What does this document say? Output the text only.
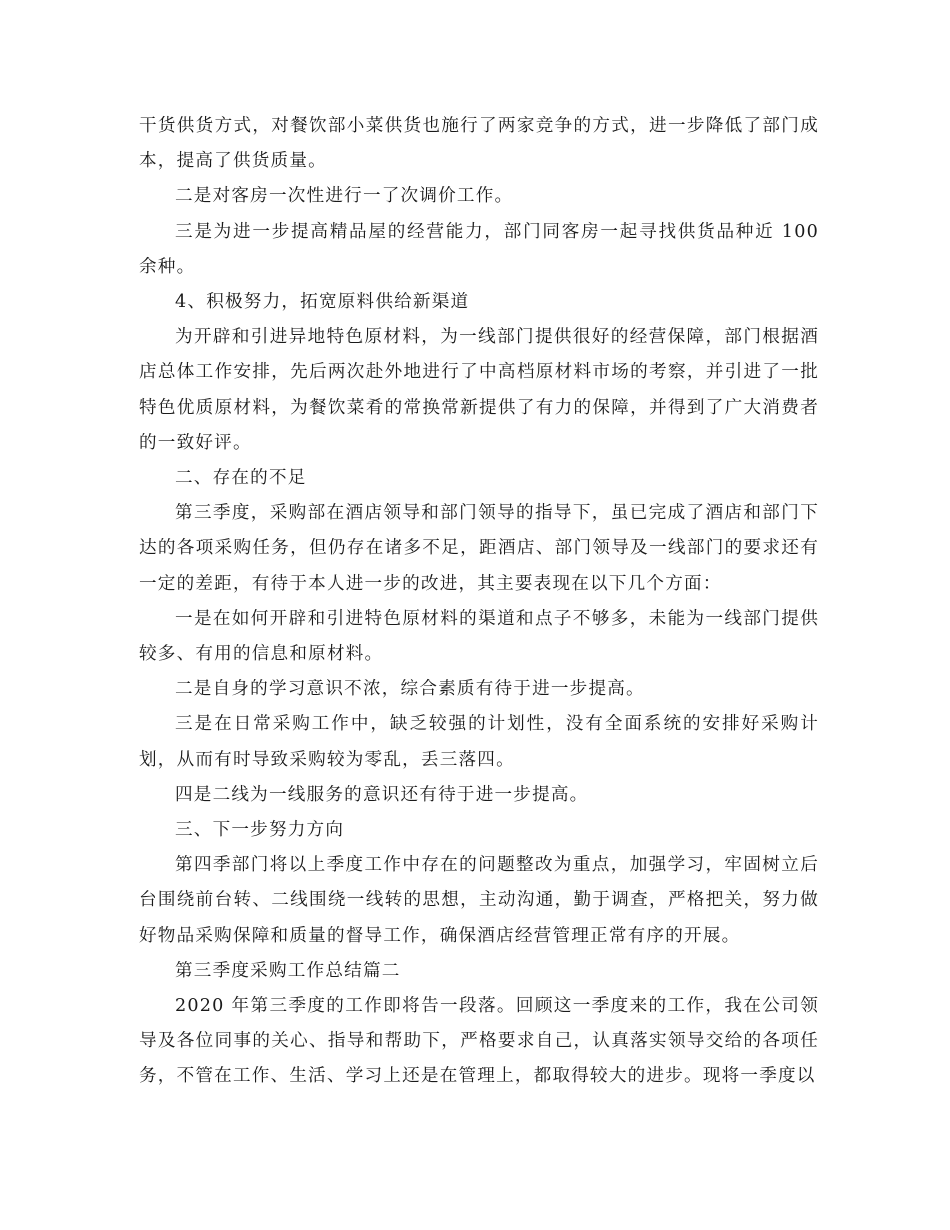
干货供货方式，对餐饮部小菜供货也施行了两家竞争的方式，进一步降低了部门成本，提高了供货质量。

二是对客房一次性进行一了次调价工作。

三是为进一步提高精品屋的经营能力，部门同客房一起寻找供货品种近 100 余种。

4、积极努力，拓宽原料供给新渠道

为开辟和引进异地特色原材料，为一线部门提供很好的经营保障，部门根据酒店总体工作安排，先后两次赴外地进行了中高档原材料市场的考察，并引进了一批特色优质原材料，为餐饮菜肴的常换常新提供了有力的保障，并得到了广大消费者的一致好评。

二、存在的不足

第三季度，采购部在酒店领导和部门领导的指导下，虽已完成了酒店和部门下达的各项采购任务，但仍存在诸多不足，距酒店、部门领导及一线部门的要求还有一定的差距，有待于本人进一步的改进，其主要表现在以下几个方面：

一是在如何开辟和引进特色原材料的渠道和点子不够多，未能为一线部门提供较多、有用的信息和原材料。

二是自身的学习意识不浓，综合素质有待于进一步提高。

三是在日常采购工作中，缺乏较强的计划性，没有全面系统的安排好采购计划，从而有时导致采购较为零乱，丢三落四。

四是二线为一线服务的意识还有待于进一步提高。

三、下一步努力方向

第四季部门将以上季度工作中存在的问题整改为重点，加强学习，牢固树立后台围绕前台转、二线围绕一线转的思想，主动沟通，勤于调查，严格把关，努力做好物品采购保障和质量的督导工作，确保酒店经营管理正常有序的开展。

第三季度采购工作总结篇二

2020 年第三季度的工作即将告一段落。回顾这一季度来的工作，我在公司领导及各位同事的关心、指导和帮助下，严格要求自己，认真落实领导交给的各项任务，不管在工作、生活、学习上还是在管理上，都取得较大的进步。现将一季度以
